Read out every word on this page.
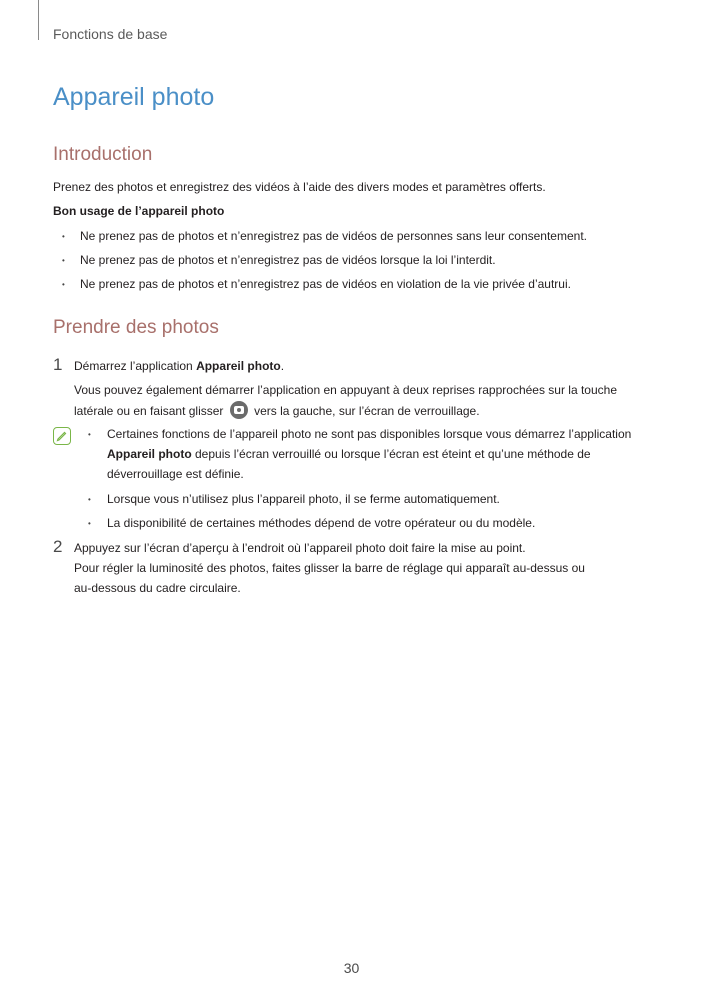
Fonctions de base
Appareil photo
Introduction

Prenez des photos et enregistrez des vidéos à l’aide des divers modes et paramètres offerts.

Bon usage de l’appareil photo

• Ne prenez pas de photos et n’enregistrez pas de vidéos de personnes sans leur consentement.
• Ne prenez pas de photos et n’enregistrez pas de vidéos lorsque la loi l’interdit.
• Ne prenez pas de photos et n’enregistrez pas de vidéos en violation de la vie privée d’autrui.
Prendre des photos
1 Démarrez l’application Appareil photo.
Vous pouvez également démarrer l’application en appuyant à deux reprises rapprochées sur la touche
latérale ou en faisant glisser	vers la gauche, sur l’écran de verrouillage.
• Certaines fonctions de l’appareil photo ne sont pas disponibles lorsque vous démarrez l’application
Appareil photo depuis l’écran verrouillé ou lorsque l’écran est éteint et qu’une méthode de
déverrouillage est définie.
• Lorsque vous n’utilisez plus l’appareil photo, il se ferme automatiquement.
• La disponibilité de certaines méthodes dépend de votre opérateur ou du modèle.
2 Appuyez sur l’écran d’aperçu à l’endroit où l’appareil photo doit faire la mise au point.
Pour régler la luminosité des photos, faites glisser la barre de réglage qui apparaît au-dessus ou
au-dessous du cadre circulaire.
30
